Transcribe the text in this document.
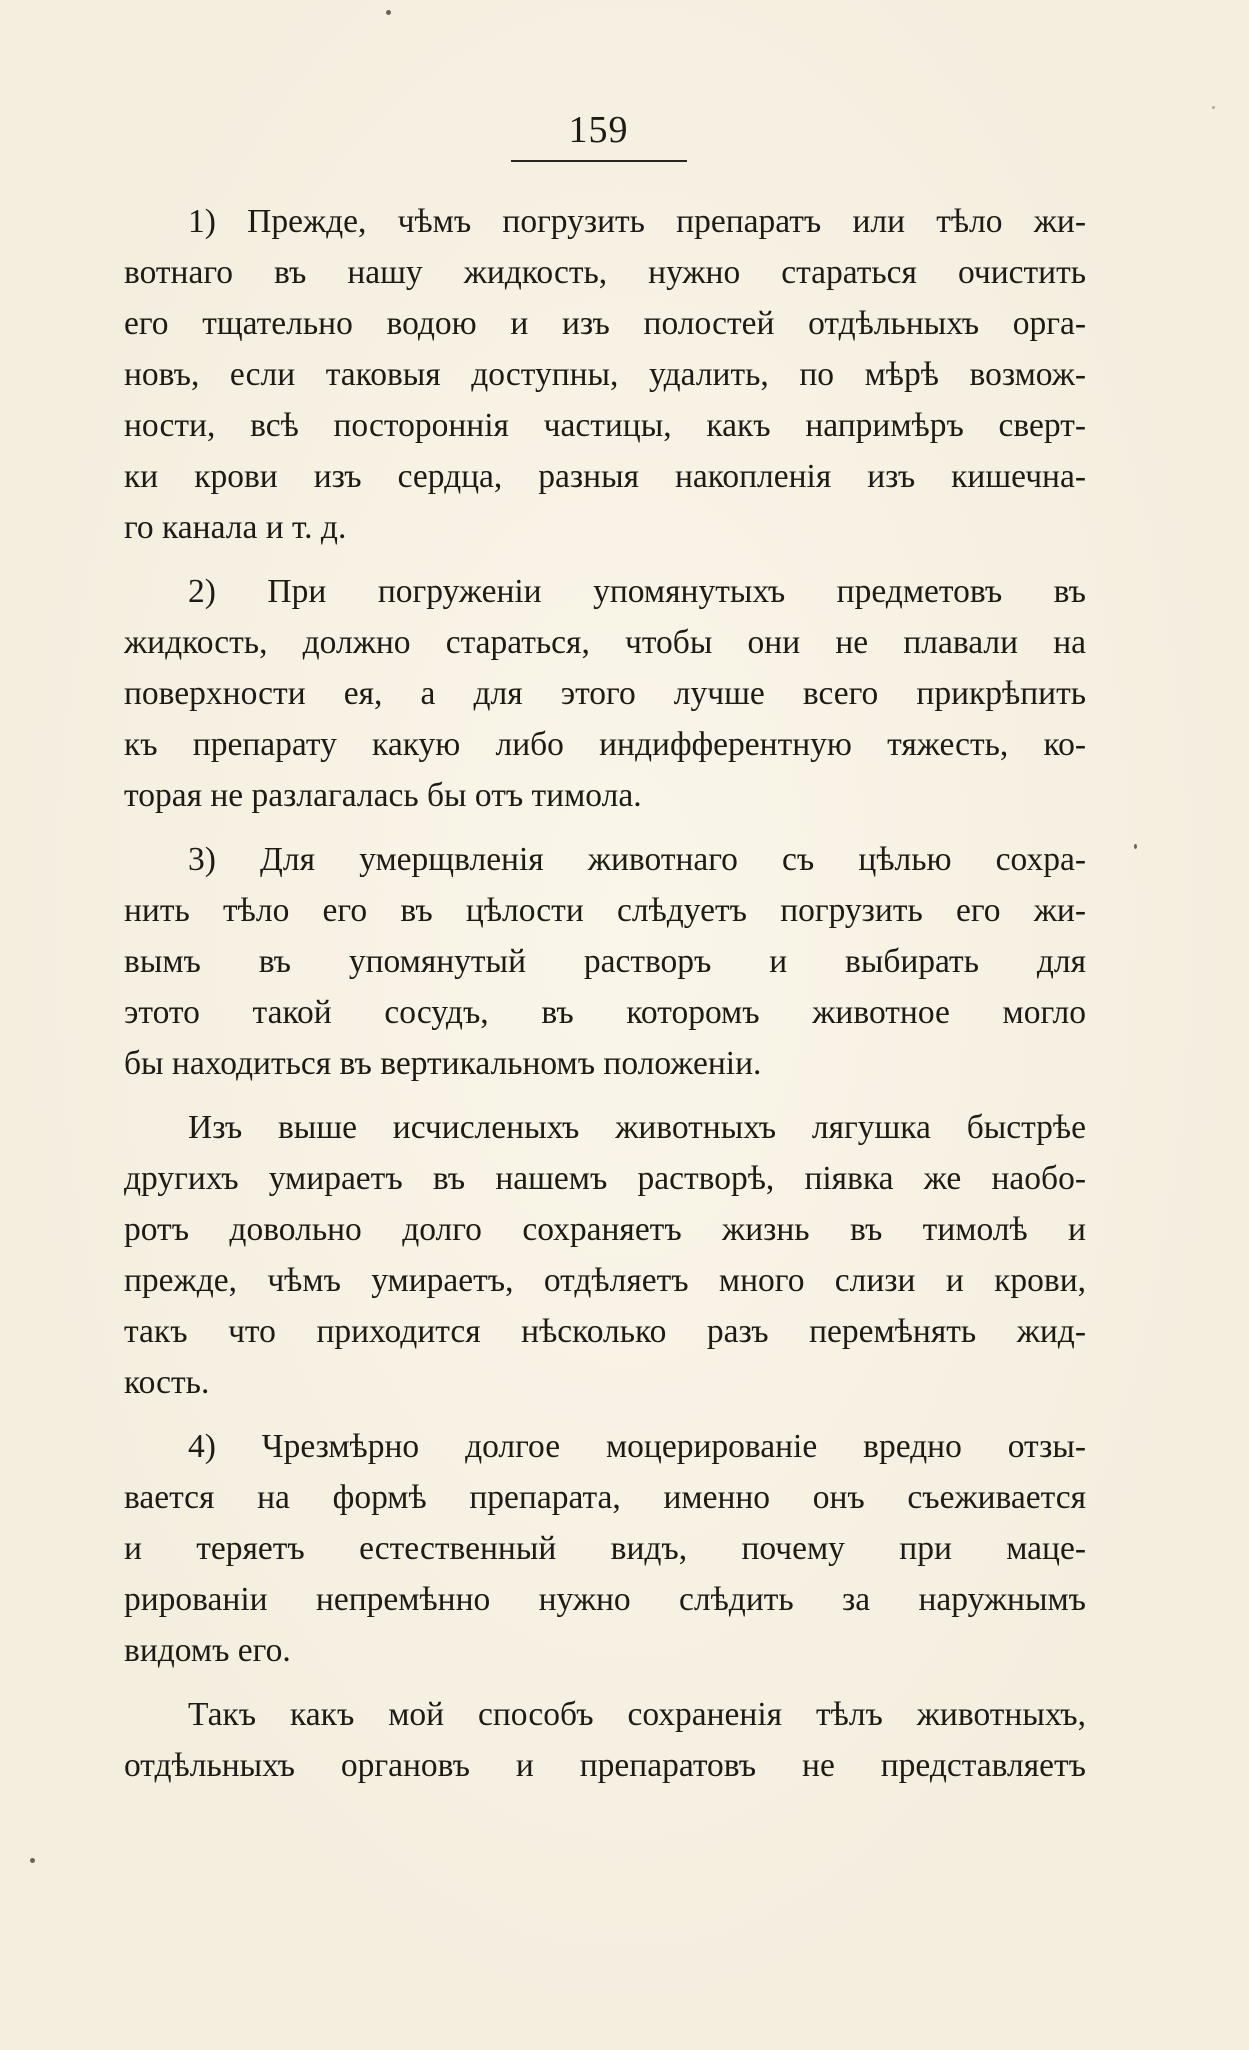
159

1) Прежде, чѣмъ погрузить препаратъ или тѣло жи-
вотнаго въ нашу жидкость, нужно стараться очистить
его тщательно водою и изъ полостей отдѣльныхъ орга-
новъ, если таковыя доступны, удалить, по мѣрѣ возмож-
ности, всѣ постороннія частицы, какъ напримѣръ сверт-
ки крови изъ сердца, разныя накопленія изъ кишечна-
го канала и т. д.

2) При погруженіи упомянутыхъ предметовъ въ
жидкость, должно стараться, чтобы они не плавали на
поверхности ея, а для этого лучше всего прикрѣпить
къ препарату какую либо индифферентную тяжесть, ко-
торая не разлагалась бы отъ тимола.

3) Для умерщвленія животнаго съ цѣлью сохра-
нить тѣло его въ цѣлости слѣдуетъ погрузить его жи-
вымъ въ упомянутый растворъ и выбирать для
этото такой сосудъ, въ которомъ животное могло
бы находиться въ вертикальномъ положеніи.

Изъ выше исчисленыхъ животныхъ лягушка быстрѣе
другихъ умираетъ въ нашемъ растворѣ, піявка же наобо-
ротъ довольно долго сохраняетъ жизнь въ тимолѣ и
прежде, чѣмъ умираетъ, отдѣляетъ много слизи и крови,
такъ что приходится нѣсколько разъ перемѣнять жид-
кость.

4) Чрезмѣрно долгое моцерированіе вредно отзы-
вается на формѣ препарата, именно онъ съеживается
и теряетъ естественный видъ, почему при маце-
рированіи непремѣнно нужно слѣдить за наружнымъ
видомъ его.

Такъ какъ мой способъ сохраненія тѣлъ животныхъ,
отдѣльныхъ органовъ и препаратовъ не представляетъ
